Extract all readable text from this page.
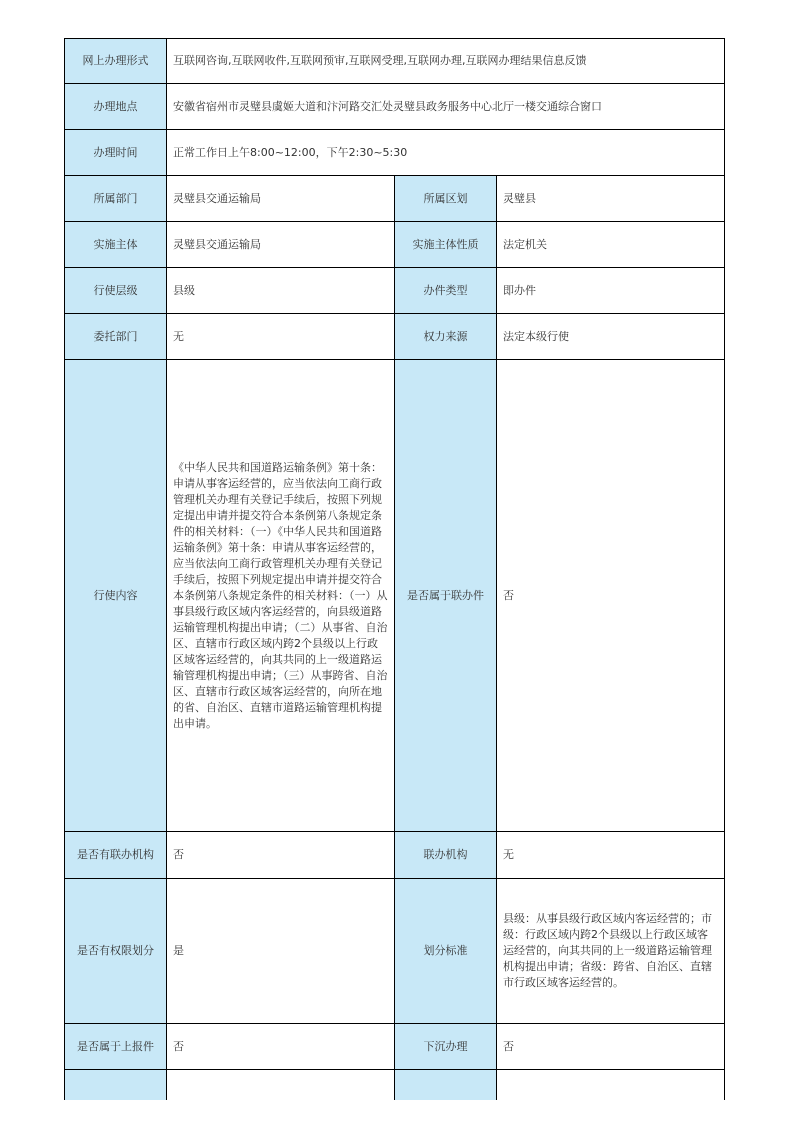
网上办理形式	互联网咨询,互联网收件,互联网预审,互联网受理,互联网办理,互联网办理结果信息反馈		
办理地点	安徽省宿州市灵璧县虞姬大道和汴河路交汇处灵璧县政务服务中心北厅一楼交通综合窗口		
办理时间	正常工作日上午8:00~12:00，下午2:30~5:30		
所属部门	灵璧县交通运输局	所属区划	灵璧县
实施主体	灵璧县交通运输局	实施主体性质	法定机关
行使层级	县级	办件类型	即办件
委托部门	无	权力来源	法定本级行使
行使内容	《中华人民共和国道路运输条例》第十条：申请从事客运经营的，应当依法向工商行政管理机关办理有关登记手续后，按照下列规定提出申请并提交符合本条例第八条规定条件的相关材料：（一）《中华人民共和国道路运输条例》第十条：申请从事客运经营的，应当依法向工商行政管理机关办理有关登记手续后，按照下列规定提出申请并提交符合本条例第八条规定条件的相关材料：（一）从事县级行政区域内客运经营的，向县级道路运输管理机构提出申请；（二）从事省、自治区、直辖市行政区域内跨2个县级以上行政区域客运经营的，向其共同的上一级道路运输管理机构提出申请；（三）从事跨省、自治区、直辖市行政区域客运经营的，向所在地的省、自治区、直辖市道路运输管理机构提出申请。	是否属于联办件	否
是否有联办机构	否	联办机构	无
是否有权限划分	是	划分标准	县级：从事县级行政区域内客运经营的；市级：行政区域内跨2个县级以上行政区域客运经营的，向其共同的上一级道路运输管理机构提出申请；省级：跨省、自治区、直辖市行政区域客运经营的。
是否属于上报件	否	下沉办理	否
